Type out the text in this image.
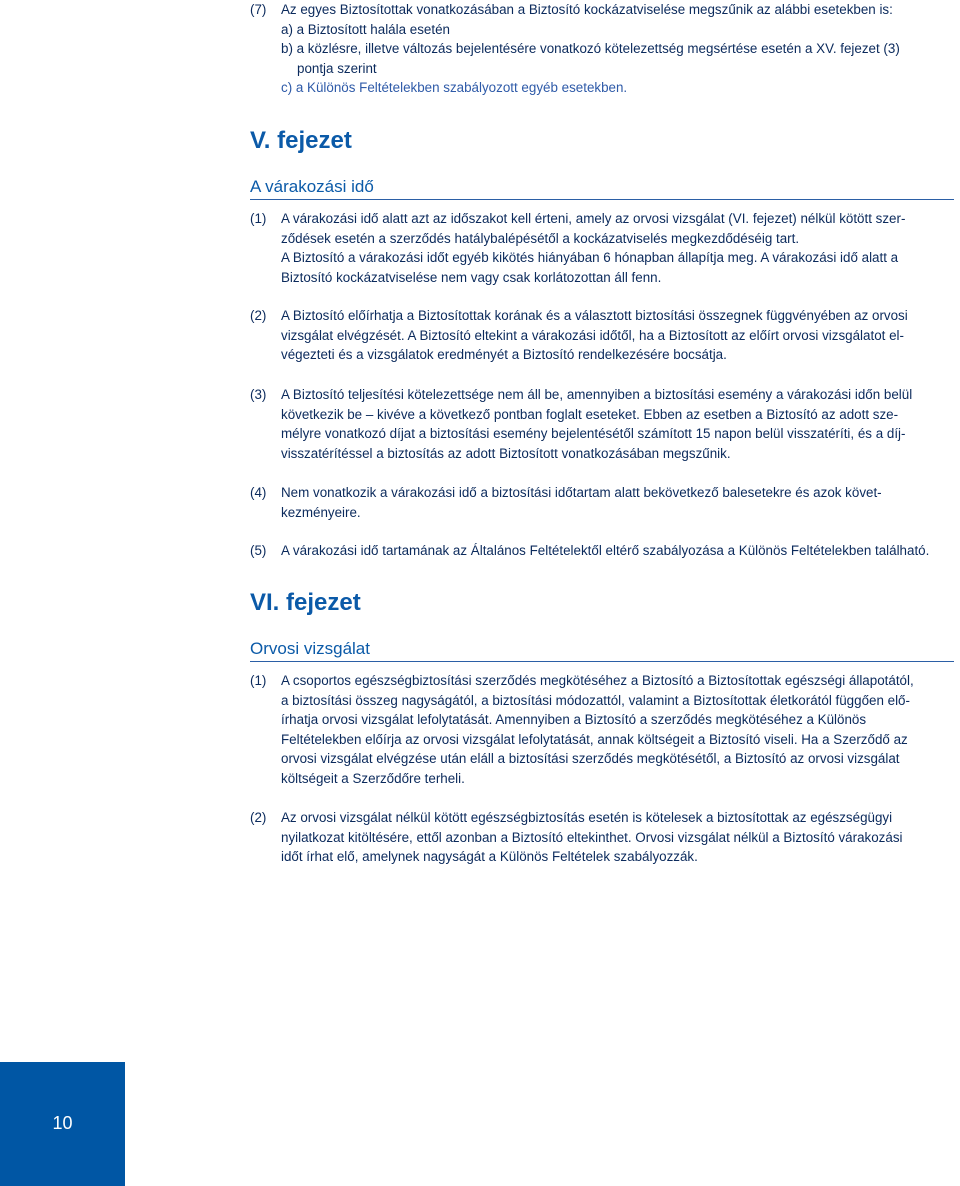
(7)	Az egyes Biztosítottak vonatkozásában a Biztosító kockázatviselése megszűnik az alábbi esetekben is:
a) a Biztosított halála esetén
b) a közlésre, illetve változás bejelentésére vonatkozó kötelezettség megsértése esetén a XV. fejezet (3)
pontja szerint
c) a Különös Feltételekben szabályozott egyéb esetekben.
V. fejezet
A várakozási idő
(1)	A várakozási idő alatt azt az időszakot kell érteni, amely az orvosi vizsgálat (VI. fejezet) nélkül kötött szer-
ződések esetén a szerződés hatálybalépésétől a kockázatviselés megkezdődéséig tart.
A Biztosító a várakozási időt egyéb kikötés hiányában 6 hónapban állapítja meg. A várakozási idő alatt a
Biztosító kockázatviselése nem vagy csak korlátozottan áll fenn.
(2)	A Biztosító előírhatja a Biztosítottak korának és a választott biztosítási összegnek függvényében az orvosi
vizsgálat elvégzését. A Biztosító eltekint a várakozási időtől, ha a Biztosított az előírt orvosi vizsgálatot el-
végezteti és a vizsgálatok eredményét a Biztosító rendelkezésére bocsátja.
(3)	A Biztosító teljesítési kötelezettsége nem áll be, amennyiben a biztosítási esemény a várakozási időn belül
következik be – kivéve a következő pontban foglalt eseteket. Ebben az esetben a Biztosító az adott sze-
mélyre vonatkozó díjat a biztosítási esemény bejelentésétől számított 15 napon belül visszatéríti, és a díj-
visszatérítéssel a biztosítás az adott Biztosított vonatkozásában megszűnik.
(4)	Nem vonatkozik a várakozási idő a biztosítási időtartam alatt bekövetkező balesetekre és azok követ-
kezményeire.
(5)	A várakozási idő tartamának az Általános Feltételektől eltérő szabályozása a Különös Feltételekben található.
VI. fejezet
Orvosi vizsgálat
(1)	A csoportos egészségbiztosítási szerződés megkötéséhez a Biztosító a Biztosítottak egészségi állapotától,
a biztosítási összeg nagyságától, a biztosítási módozattól, valamint a Biztosítottak életkorától függően elő-
írhatja orvosi vizsgálat lefolytatását. Amennyiben a Biztosító a szerződés megkötéséhez a Különös
Feltételekben előírja az orvosi vizsgálat lefolytatását, annak költségeit a Biztosító viseli. Ha a Szerződő az
orvosi vizsgálat elvégzése után eláll a biztosítási szerződés megkötésétől, a Biztosító az orvosi vizsgálat
költségeit a Szerződőre terheli.
(2)	Az orvosi vizsgálat nélkül kötött egészségbiztosítás esetén is kötelesek a biztosítottak az egészségügyi
nyilatkozat kitöltésére, ettől azonban a Biztosító eltekinthet. Orvosi vizsgálat nélkül a Biztosító várakozási
időt írhat elő, amelynek nagyságát a Különös Feltételek szabályozzák.
10
